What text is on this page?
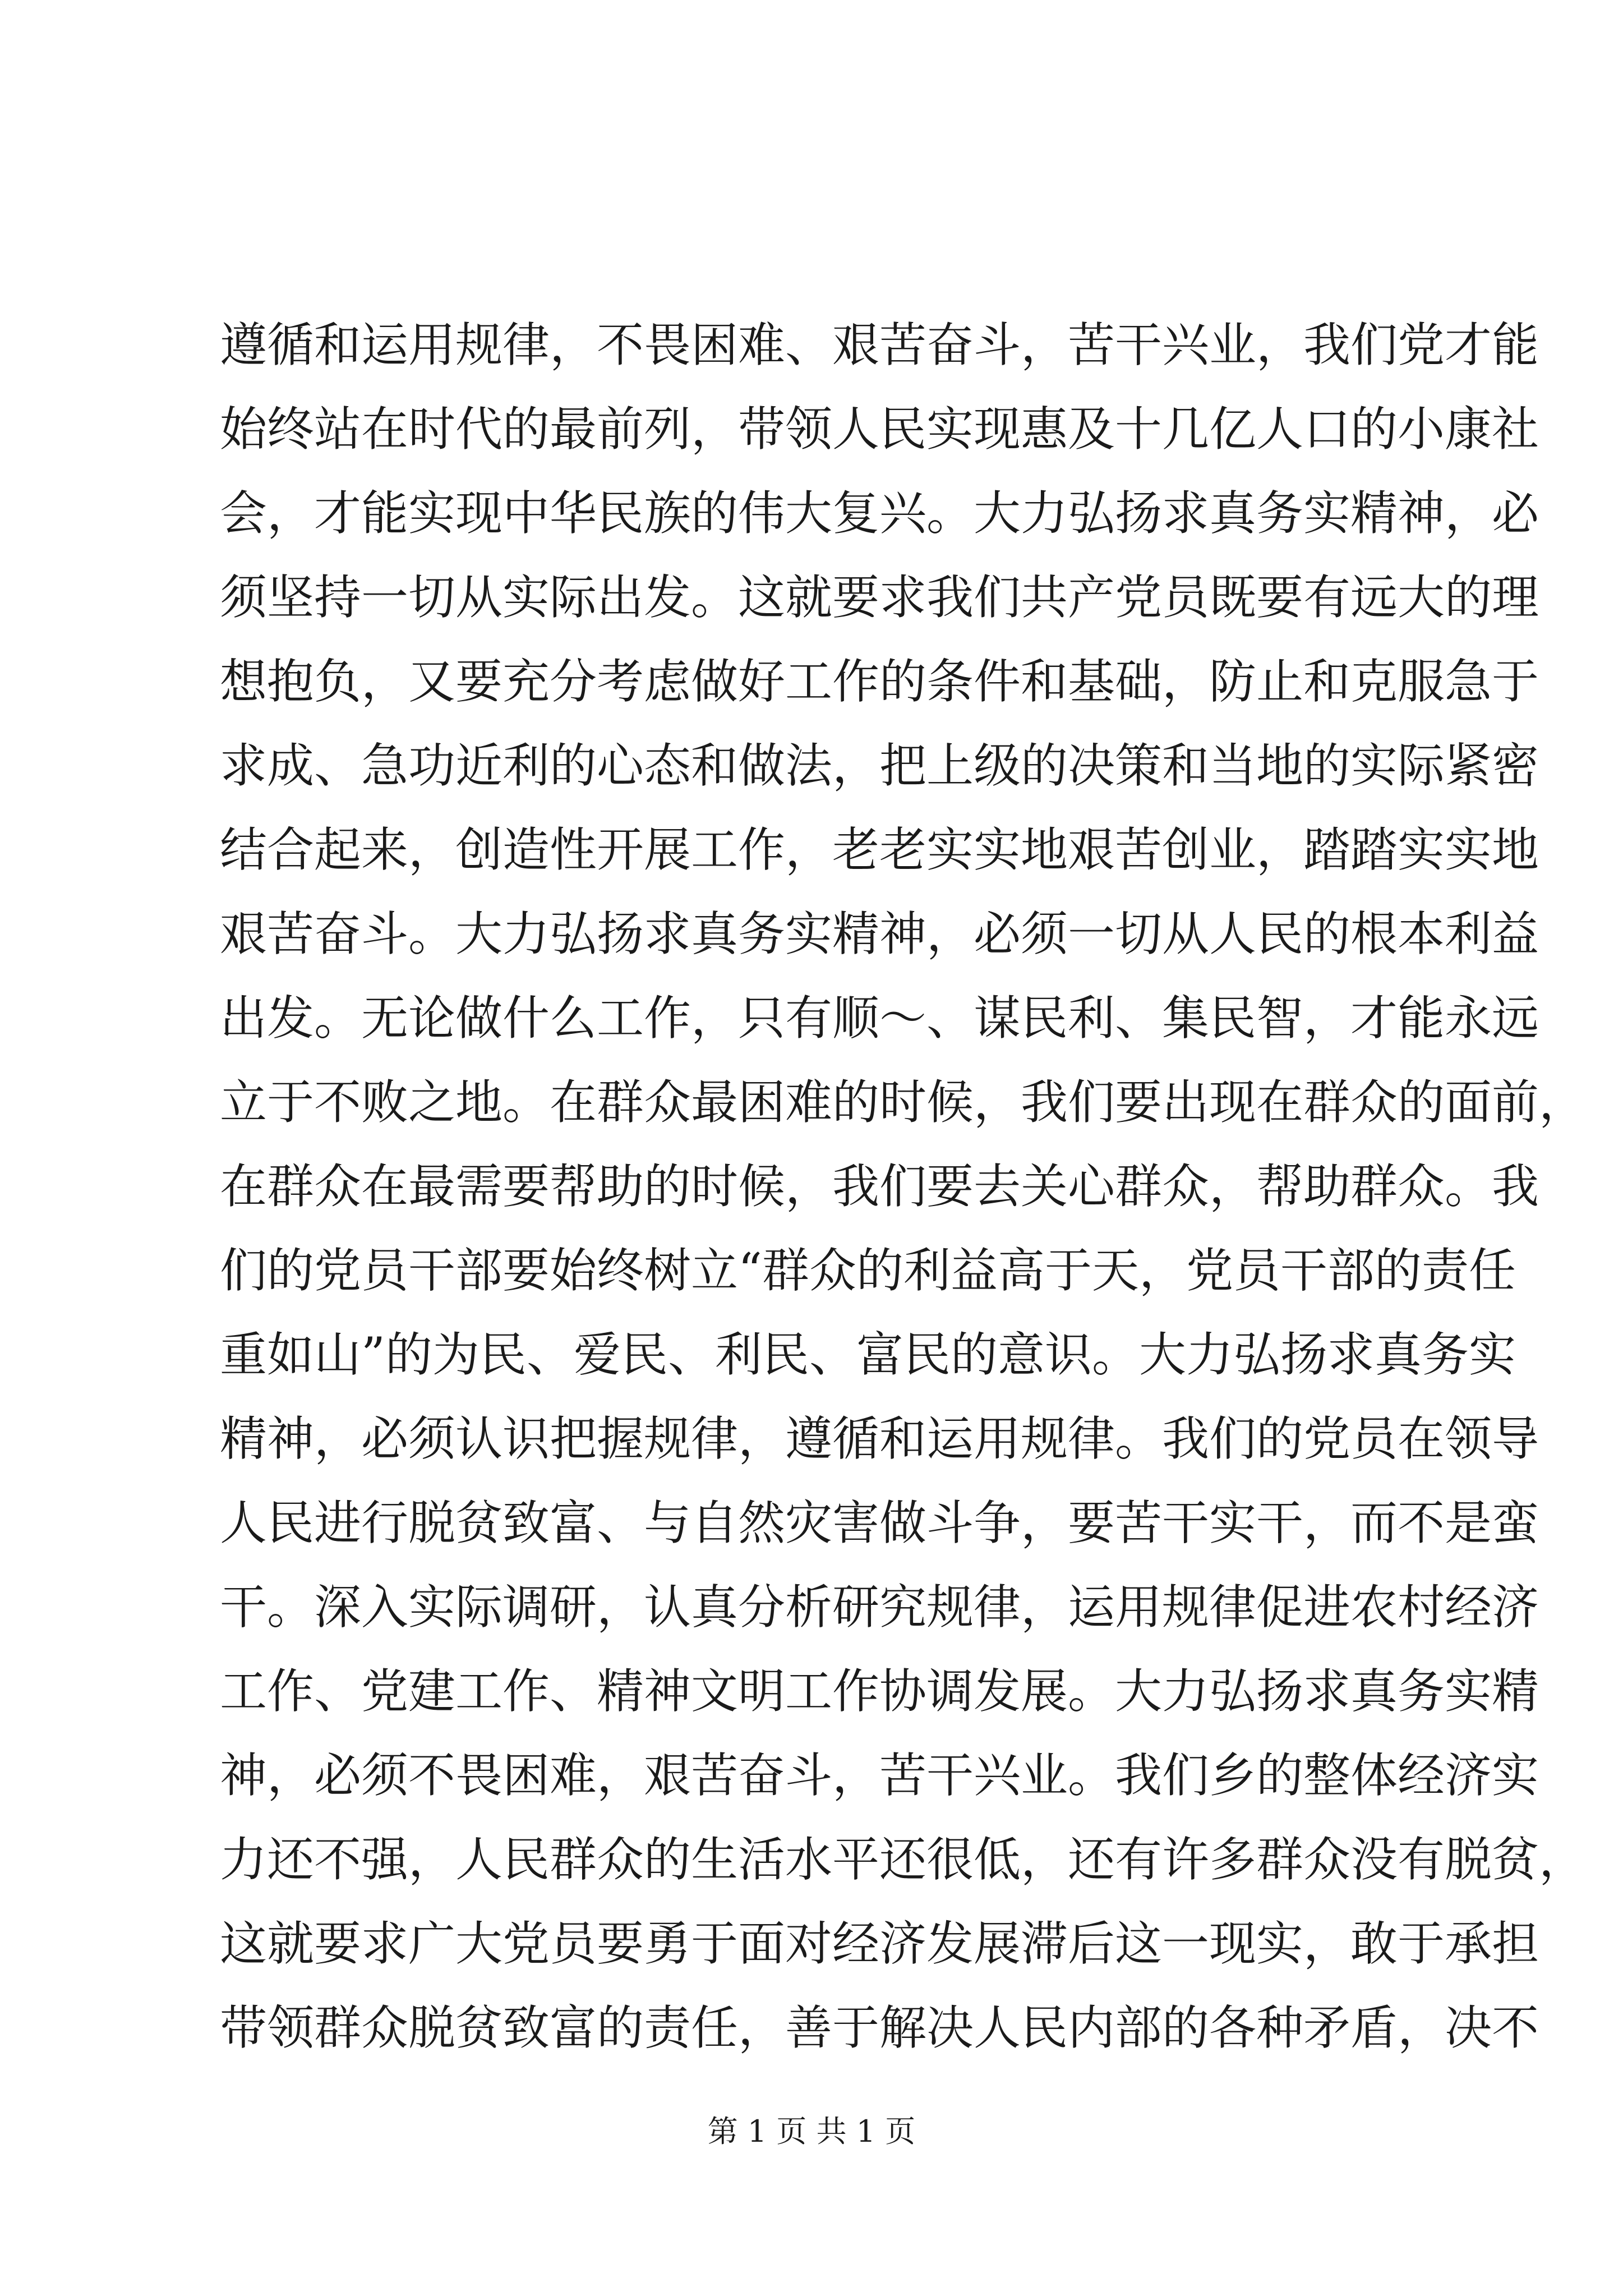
遵循和运用规律，不畏困难、艰苦奋斗，苦干兴业，我们党才能
始终站在时代的最前列，带领人民实现惠及十几亿人口的小康社
会，才能实现中华民族的伟大复兴。大力弘扬求真务实精神，必
须坚持一切从实际出发。这就要求我们共产党员既要有远大的理
想抱负，又要充分考虑做好工作的条件和基础，防止和克服急于
求成、急功近利的心态和做法，把上级的决策和当地的实际紧密
结合起来，创造性开展工作，老老实实地艰苦创业，踏踏实实地
艰苦奋斗。大力弘扬求真务实精神，必须一切从人民的根本利益
出发。无论做什么工作，只有顺～、谋民利、集民智，才能永远
立于不败之地。在群众最困难的时候，我们要出现在群众的面前，
在群众在最需要帮助的时候，我们要去关心群众，帮助群众。我
们的党员干部要始终树立“群众的利益高于天，党员干部的责任
重如山”的为民、爱民、利民、富民的意识。大力弘扬求真务实
精神，必须认识把握规律，遵循和运用规律。我们的党员在领导
人民进行脱贫致富、与自然灾害做斗争，要苦干实干，而不是蛮
干。深入实际调研，认真分析研究规律，运用规律促进农村经济
工作、党建工作、精神文明工作协调发展。大力弘扬求真务实精
神，必须不畏困难，艰苦奋斗，苦干兴业。我们乡的整体经济实
力还不强，人民群众的生活水平还很低，还有许多群众没有脱贫，
这就要求广大党员要勇于面对经济发展滞后这一现实，敢于承担
带领群众脱贫致富的责任，善于解决人民内部的各种矛盾，决不
第 1 页 共 1 页
